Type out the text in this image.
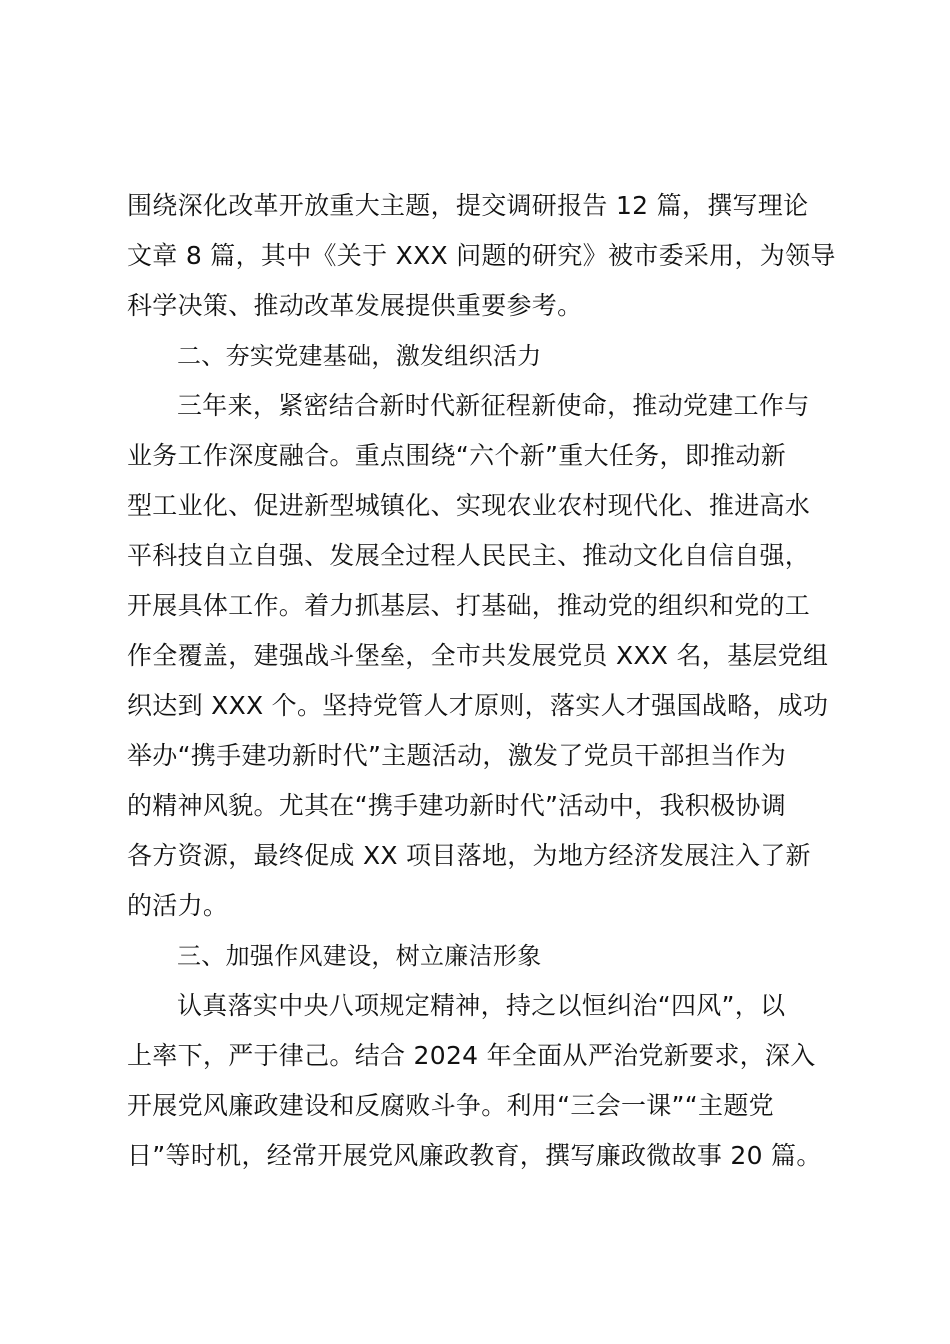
围绕深化改革开放重大主题，提交调研报告 12 篇，撰写理论
文章 8 篇，其中《关于 XXX 问题的研究》被市委采用，为领导
科学决策、推动改革发展提供重要参考。
二、夯实党建基础，激发组织活力
三年来，紧密结合新时代新征程新使命，推动党建工作与
业务工作深度融合。重点围绕“六个新”重大任务，即推动新
型工业化、促进新型城镇化、实现农业农村现代化、推进高水
平科技自立自强、发展全过程人民民主、推动文化自信自强，
开展具体工作。着力抓基层、打基础，推动党的组织和党的工
作全覆盖，建强战斗堡垒，全市共发展党员 XXX 名，基层党组
织达到 XXX 个。坚持党管人才原则，落实人才强国战略，成功
举办“携手建功新时代”主题活动，激发了党员干部担当作为
的精神风貌。尤其在“携手建功新时代”活动中，我积极协调
各方资源，最终促成 XX 项目落地，为地方经济发展注入了新
的活力。
三、加强作风建设，树立廉洁形象
认真落实中央八项规定精神，持之以恒纠治“四风”，以
上率下，严于律己。结合 2024 年全面从严治党新要求，深入
开展党风廉政建设和反腐败斗争。利用“三会一课”“主题党
日”等时机，经常开展党风廉政教育，撰写廉政微故事 20 篇。
